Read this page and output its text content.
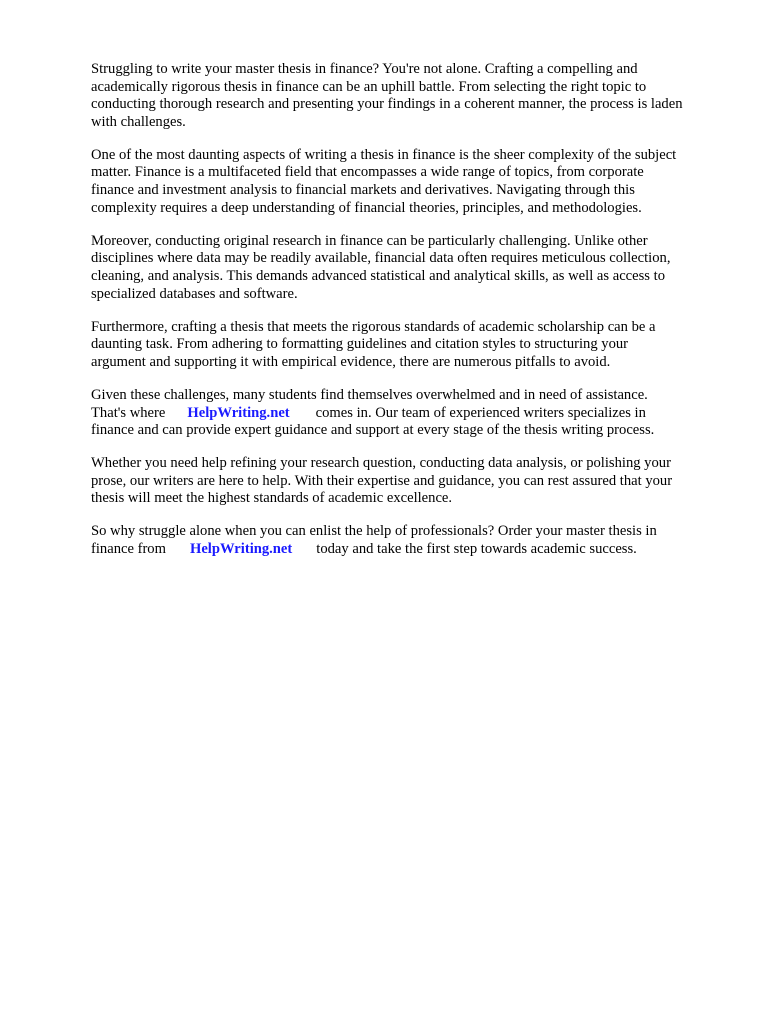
Struggling to write your master thesis in finance? You're not alone. Crafting a compelling and
academically rigorous thesis in finance can be an uphill battle. From selecting the right topic to
conducting thorough research and presenting your findings in a coherent manner, the process is laden
with challenges.

One of the most daunting aspects of writing a thesis in finance is the sheer complexity of the subject
matter. Finance is a multifaceted field that encompasses a wide range of topics, from corporate
finance and investment analysis to financial markets and derivatives. Navigating through this
complexity requires a deep understanding of financial theories, principles, and methodologies.

Moreover, conducting original research in finance can be particularly challenging. Unlike other
disciplines where data may be readily available, financial data often requires meticulous collection,
cleaning, and analysis. This demands advanced statistical and analytical skills, as well as access to
specialized databases and software.

Furthermore, crafting a thesis that meets the rigorous standards of academic scholarship can be a
daunting task. From adhering to formatting guidelines and citation styles to structuring your
argument and supporting it with empirical evidence, there are numerous pitfalls to avoid.

Given these challenges, many students find themselves overwhelmed and in need of assistance.
That's where HelpWriting.net comes in. Our team of experienced writers specializes in
finance and can provide expert guidance and support at every stage of the thesis writing process.

Whether you need help refining your research question, conducting data analysis, or polishing your
prose, our writers are here to help. With their expertise and guidance, you can rest assured that your
thesis will meet the highest standards of academic excellence.

So why struggle alone when you can enlist the help of professionals? Order your master thesis in
finance from HelpWriting.net today and take the first step towards academic success.
